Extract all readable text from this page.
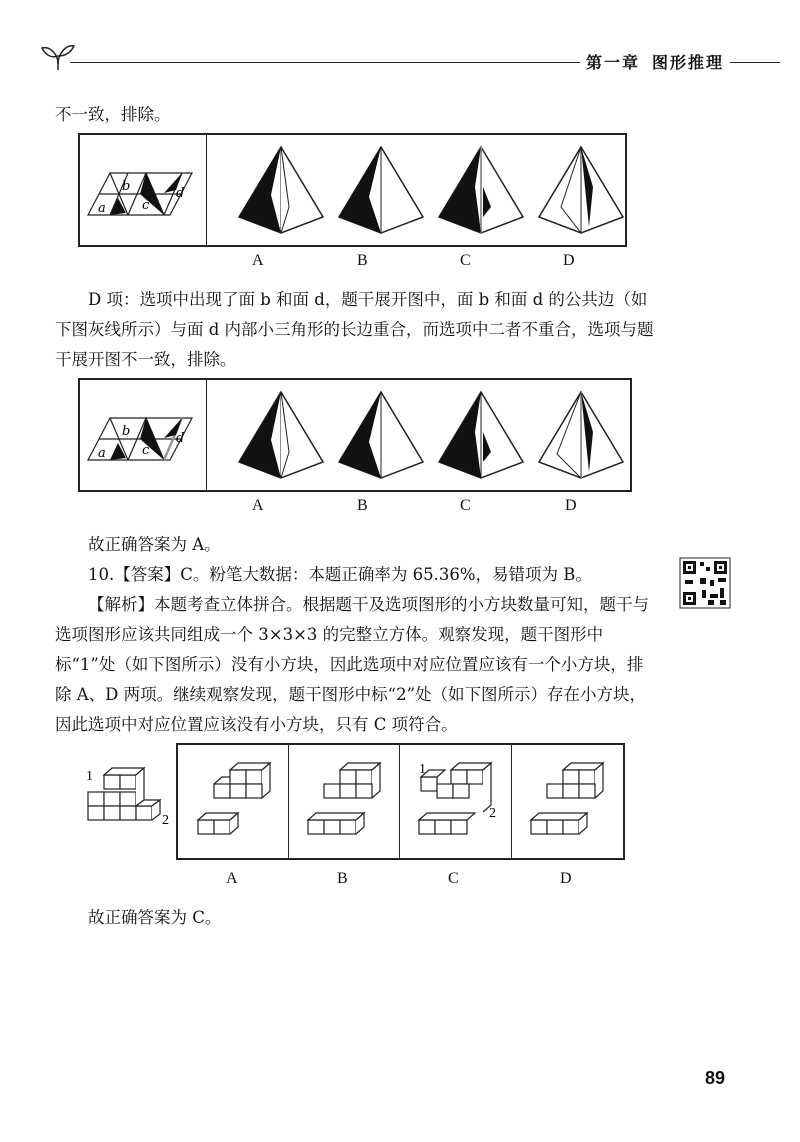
第一章 图形推理
不一致，排除。
a
b
c
d
A	B	C	D
D 项：选项中出现了面 b 和面 d，题干展开图中，面 b 和面 d 的公共边（如下图灰线所示）与面 d 内部小三角形的长边重合，而选项中二者不重合，选项与题干展开图不一致，排除。
a
b
c
d
A	B	C	D
故正确答案为 A。
10.【答案】C。粉笔大数据：本题正确率为 65.36%，易错项为 B。
【解析】本题考查立体拼合。根据题干及选项图形的小方块数量可知，题干与选项图形应该共同组成一个 3×3×3 的完整立方体。观察发现，题干图形中标“1”处（如下图所示）没有小方块，因此选项中对应位置应该有一个小方块，排除 A、D 两项。继续观察发现，题干图形中标“2”处（如下图所示）存在小方块，因此选项中对应位置应该没有小方块，只有 C 项符合。
1
2
1
2
A	B	C	D
故正确答案为 C。
89
